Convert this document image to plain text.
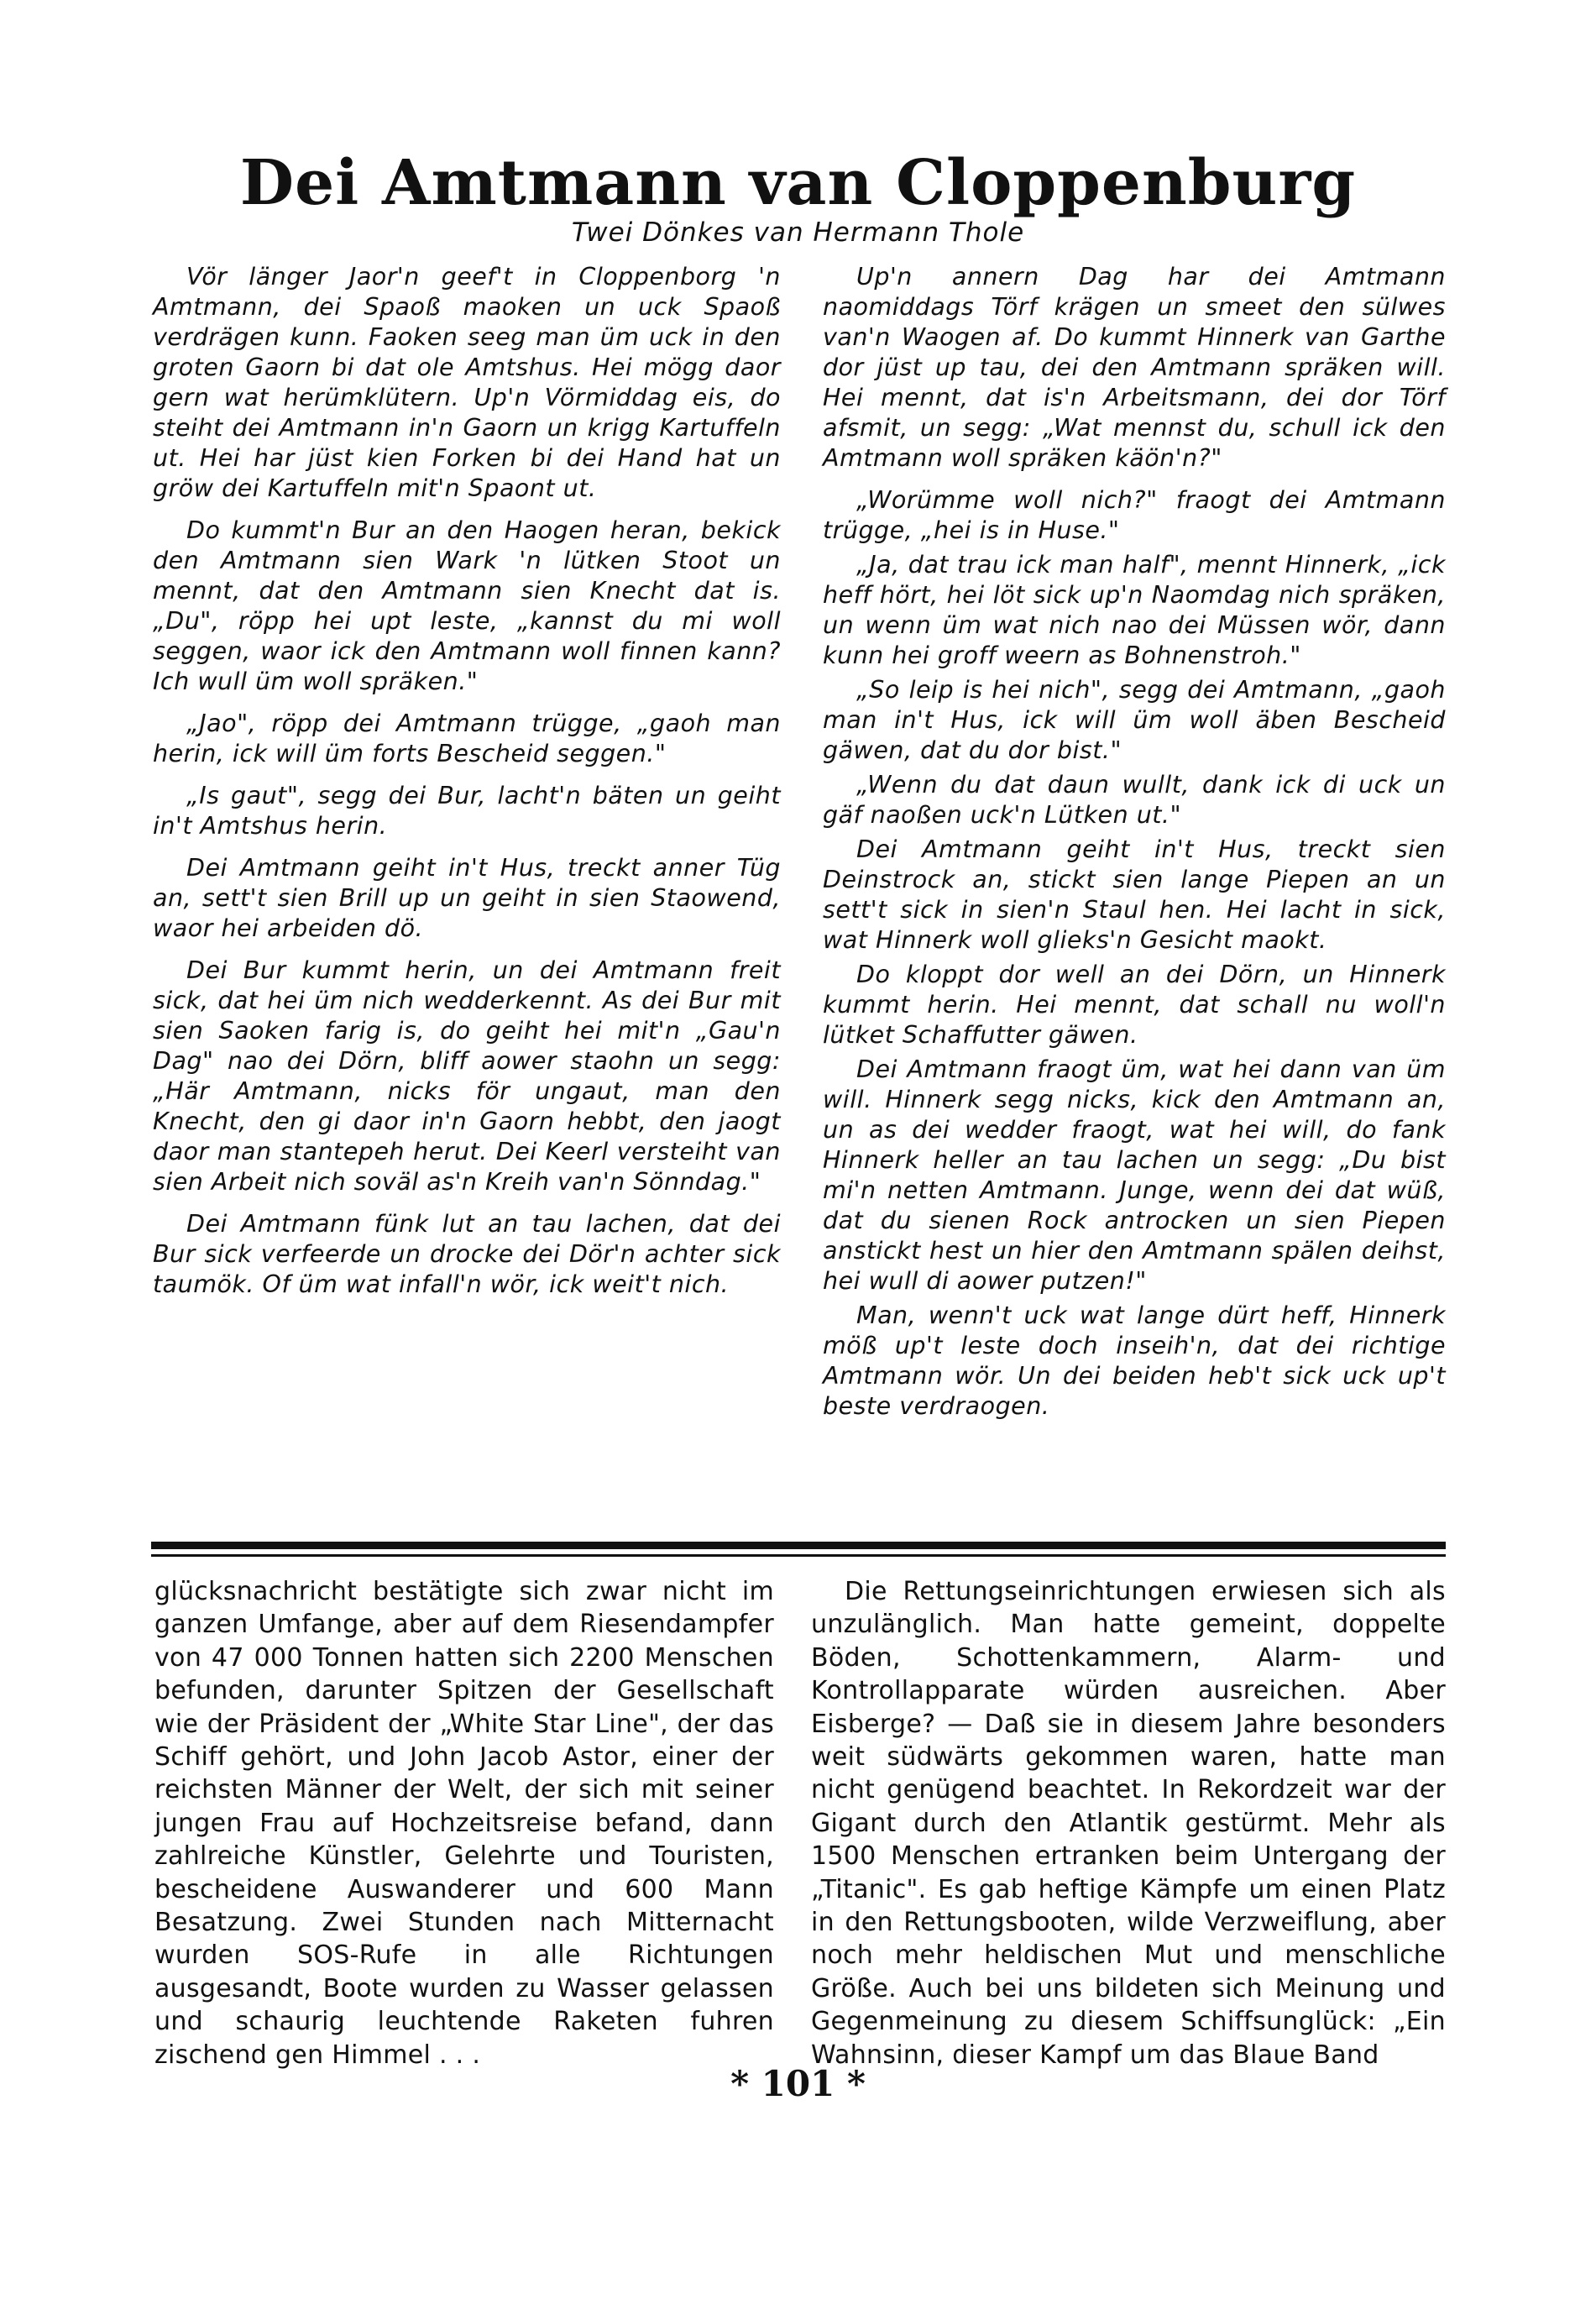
Dei Amtmann van Cloppenburg
Twei Dönkes van Hermann Thole

Vör länger Jaor'n geef't in Cloppenborg 'n Amtmann, dei Spaoß maoken un uck Spaoß verdrägen kunn. Faoken seeg man üm uck in den groten Gaorn bi dat ole Amtshus. Hei mögg daor gern wat herümklütern. Up'n Vörmiddag eis, do steiht dei Amtmann in'n Gaorn un krigg Kartuffeln ut. Hei har jüst kien Forken bi dei Hand hat un gröw dei Kartuffeln mit'n Spaont ut.

Do kummt'n Bur an den Haogen heran, bekick den Amtmann sien Wark 'n lütken Stoot un mennt, dat den Amtmann sien Knecht dat is. „Du", röpp hei upt leste, „kannst du mi woll seggen, waor ick den Amtmann woll finnen kann? Ich wull üm woll spräken."

„Jao", röpp dei Amtmann trügge, „gaoh man herin, ick will üm forts Bescheid seggen."

„Is gaut", segg dei Bur, lacht'n bäten un geiht in't Amtshus herin.

Dei Amtmann geiht in't Hus, treckt anner Tüg an, sett't sien Brill up un geiht in sien Staowend, waor hei arbeiden dö.

Dei Bur kummt herin, un dei Amtmann freit sick, dat hei üm nich wedderkennt. As dei Bur mit sien Saoken farig is, do geiht hei mit'n „Gau'n Dag" nao dei Dörn, bliff aower staohn un segg: „Här Amtmann, nicks för ungaut, man den Knecht, den gi daor in'n Gaorn hebbt, den jaogt daor man stantepeh herut. Dei Keerl versteiht van sien Arbeit nich soväl as'n Kreih van'n Sönndag."

Dei Amtmann fünk lut an tau lachen, dat dei Bur sick verfeerde un drocke dei Dör'n achter sick taumök. Of üm wat infall'n wör, ick weit't nich.

Up'n annern Dag har dei Amtmann naomiddags Törf krägen un smeet den sülwes van'n Waogen af. Do kummt Hinnerk van Garthe dor jüst up tau, dei den Amtmann spräken will. Hei mennt, dat is'n Arbeitsmann, dei dor Törf afsmit, un segg: „Wat mennst du, schull ick den Amtmann woll spräken käön'n?"

„Worümme woll nich?" fraogt dei Amtmann trügge, „hei is in Huse."

„Ja, dat trau ick man half", mennt Hinnerk, „ick heff hört, hei löt sick up'n Naomdag nich spräken, un wenn üm wat nich nao dei Müssen wör, dann kunn hei groff weern as Bohnenstroh."

„So leip is hei nich", segg dei Amtmann, „gaoh man in't Hus, ick will üm woll äben Bescheid gäwen, dat du dor bist."

„Wenn du dat daun wullt, dank ick di uck un gäf naoßen uck'n Lütken ut."

Dei Amtmann geiht in't Hus, treckt sien Deinstrock an, stickt sien lange Piepen an un sett't sick in sien'n Staul hen. Hei lacht in sick, wat Hinnerk woll glieks'n Gesicht maokt.

Do kloppt dor well an dei Dörn, un Hinnerk kummt herin. Hei mennt, dat schall nu woll'n lütket Schaffutter gäwen.

Dei Amtmann fraogt üm, wat hei dann van üm will. Hinnerk segg nicks, kick den Amtmann an, un as dei wedder fraogt, wat hei will, do fank Hinnerk heller an tau lachen un segg: „Du bist mi'n netten Amtmann. Junge, wenn dei dat wüß, dat du sienen Rock antrocken un sien Piepen anstickt hest un hier den Amtmann spälen deihst, hei wull di aower putzen!"

Man, wenn't uck wat lange dürt heff, Hinnerk möß up't leste doch inseih'n, dat dei richtige Amtmann wör. Un dei beiden heb't sick uck up't beste verdraogen.

glücksnachricht bestätigte sich zwar nicht im ganzen Umfange, aber auf dem Riesendampfer von 47 000 Tonnen hatten sich 2200 Menschen befunden, darunter Spitzen der Gesellschaft wie der Präsident der „White Star Line", der das Schiff gehört, und John Jacob Astor, einer der reichsten Männer der Welt, der sich mit seiner jungen Frau auf Hochzeitsreise befand, dann zahlreiche Künstler, Gelehrte und Touristen, bescheidene Auswanderer und 600 Mann Besatzung. Zwei Stunden nach Mitternacht wurden SOS-Rufe in alle Richtungen ausgesandt, Boote wurden zu Wasser gelassen und schaurig leuchtende Raketen fuhren zischend gen Himmel . . .

Die Rettungseinrichtungen erwiesen sich als unzulänglich. Man hatte gemeint, doppelte Böden, Schottenkammern, Alarm- und Kontrollapparate würden ausreichen. Aber Eisberge? — Daß sie in diesem Jahre besonders weit südwärts gekommen waren, hatte man nicht genügend beachtet. In Rekordzeit war der Gigant durch den Atlantik gestürmt. Mehr als 1500 Menschen ertranken beim Untergang der „Titanic". Es gab heftige Kämpfe um einen Platz in den Rettungsbooten, wilde Verzweiflung, aber noch mehr heldischen Mut und menschliche Größe. Auch bei uns bildeten sich Meinung und Gegenmeinung zu diesem Schiffsunglück: „Ein Wahnsinn, dieser Kampf um das Blaue Band

* 101 *
